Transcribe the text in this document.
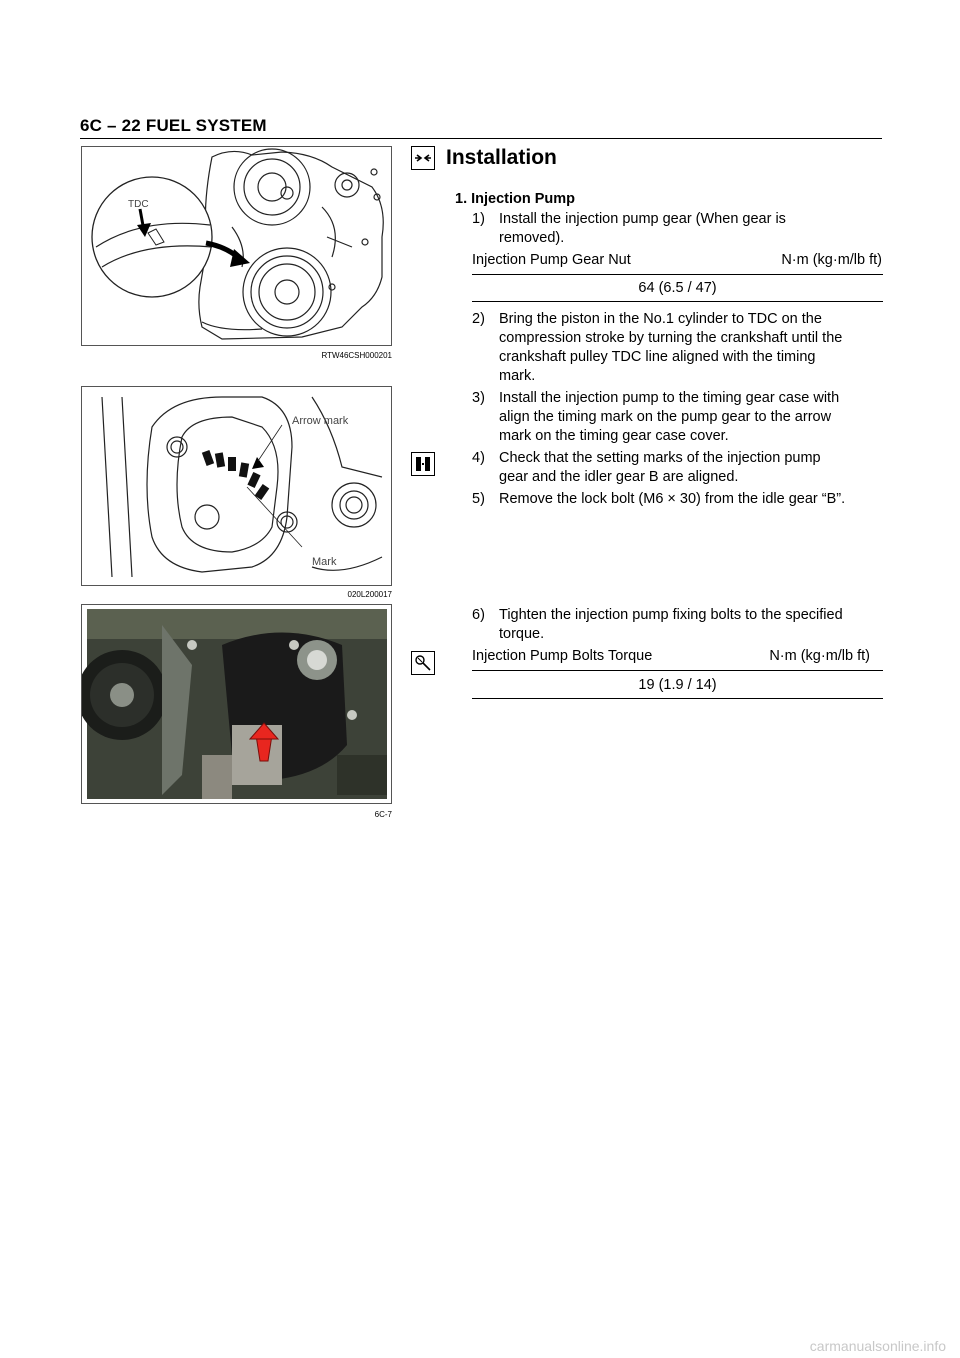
6C – 22 FUEL SYSTEM
TDC
RTW46CSH000201
Arrow mark
Mark
020L200017
6C-7
Installation
1. Injection Pump
1) Install the injection pump gear (When gear is
removed).
Injection Pump Gear Nut	N·m (kg·m/lb ft)
64 (6.5 / 47)
2) Bring the piston in the No.1 cylinder to TDC on the
compression stroke by turning the crankshaft until the
crankshaft pulley TDC line aligned with the timing
mark.
3) Install the injection pump to the timing gear case with
align the timing mark on the pump gear to the arrow
mark on the timing gear case cover.
4) Check that the setting marks of the injection pump
gear and the idler gear B are aligned.
5) Remove the lock bolt (M6 × 30) from the idle gear “B”.
6) Tighten the injection pump fixing bolts to the specified
torque.
Injection Pump Bolts Torque	N·m (kg·m/lb ft)
19 (1.9 / 14)
carmanualsonline.info
